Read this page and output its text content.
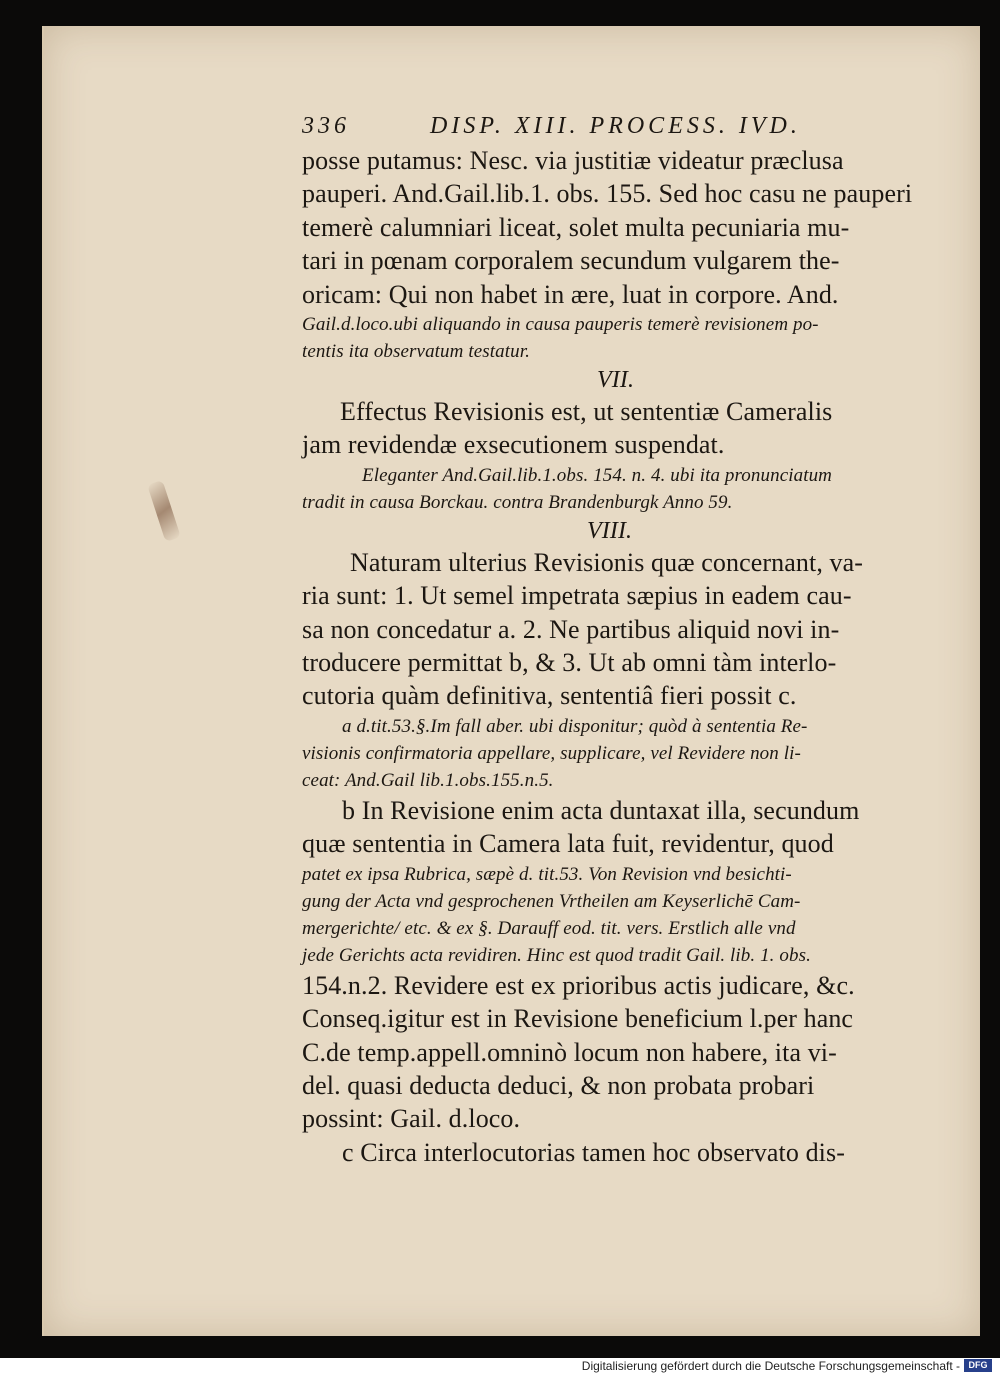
336	DISP. XIII. PROCESS. IVD.
posse putamus: Nesc. via justitiæ videatur præclusa
pauperi. And.Gail.lib.1. obs. 155. Sed hoc casu ne pauperi
temerè calumniari liceat, solet multa pecuniaria mu-
tari in pœnam corporalem secundum vulgarem the-
oricam: Qui non habet in ære, luat in corpore. And.
Gail.d.loco.ubi aliquando in causa pauperis temerè revisionem po-
tentis ita observatum testatur.
VII.
Effectus Revisionis est, ut sententiæ Cameralis
jam revidendæ exsecutionem suspendat.
Eleganter And.Gail.lib.1.obs. 154. n. 4. ubi ita pronunciatum
tradit in causa Borckau. contra Brandenburgk Anno 59.
VIII.
Naturam ulterius Revisionis quæ concernant, va-
ria sunt: 1. Ut semel impetrata sæpius in eadem cau-
sa non concedatur a. 2. Ne partibus aliquid novi in-
troducere permittat b, & 3. Ut ab omni tàm interlo-
cutoria quàm definitiva, sententiâ fieri possit c.
a d.tit.53.§.Im fall aber. ubi disponitur; quòd à sententia Re-
visionis confirmatoria appellare, supplicare, vel Revidere non li-
ceat: And.Gail lib.1.obs.155.n.5.
b In Revisione enim acta duntaxat illa, secundum
quæ sententia in Camera lata fuit, revidentur, quod
patet ex ipsa Rubrica, sæpè d. tit.53. Von Revision vnd besichti-
gung der Acta vnd gesprochenen Vrtheilen am Keyserlichē Cam-
mergerichte/ etc. & ex §. Darauff eod. tit. vers. Erstlich alle vnd
jede Gerichts acta revidiren. Hinc est quod tradit Gail. lib. 1. obs.
154.n.2. Revidere est ex prioribus actis judicare, &c.
Conseq.igitur est in Revisione beneficium l.per hanc
C.de temp.appell.omninò locum non habere, ita vi-
del. quasi deducta deduci, & non probata probari
possint: Gail. d.loco.
c Circa interlocutorias tamen hoc observato dis-
Digitalisierung gefördert durch die Deutsche Forschungsgemeinschaft - DFG
